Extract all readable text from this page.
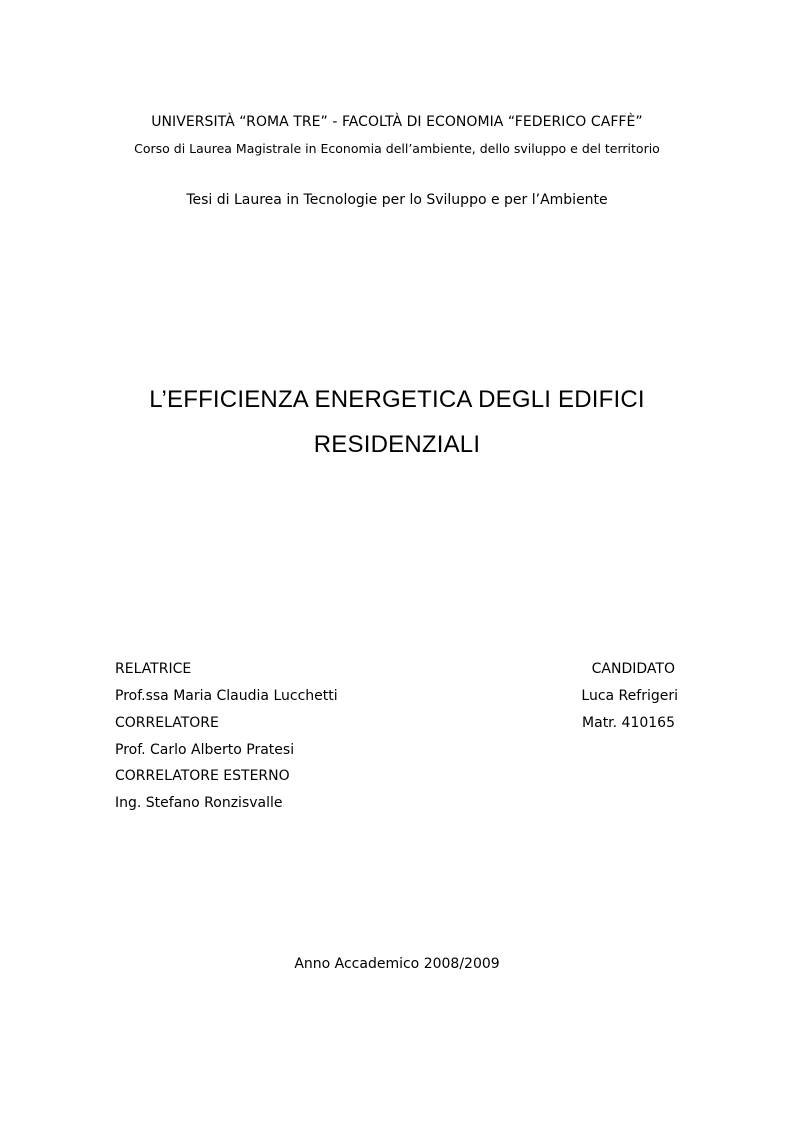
UNIVERSITÀ “ROMA TRE” - FACOLTÀ DI ECONOMIA “FEDERICO CAFFÈ”
Corso di Laurea Magistrale in Economia dell’ambiente, dello sviluppo e del territorio
Tesi di Laurea in Tecnologie per lo Sviluppo e per l’Ambiente
L’EFFICIENZA ENERGETICA DEGLI EDIFICI
RESIDENZIALI
RELATRICE
Prof.ssa Maria Claudia Lucchetti
CORRELATORE
Prof. Carlo Alberto Pratesi
CORRELATORE ESTERNO
Ing. Stefano Ronzisvalle
CANDIDATO
Luca Refrigeri
Matr. 410165
Anno Accademico 2008/2009
